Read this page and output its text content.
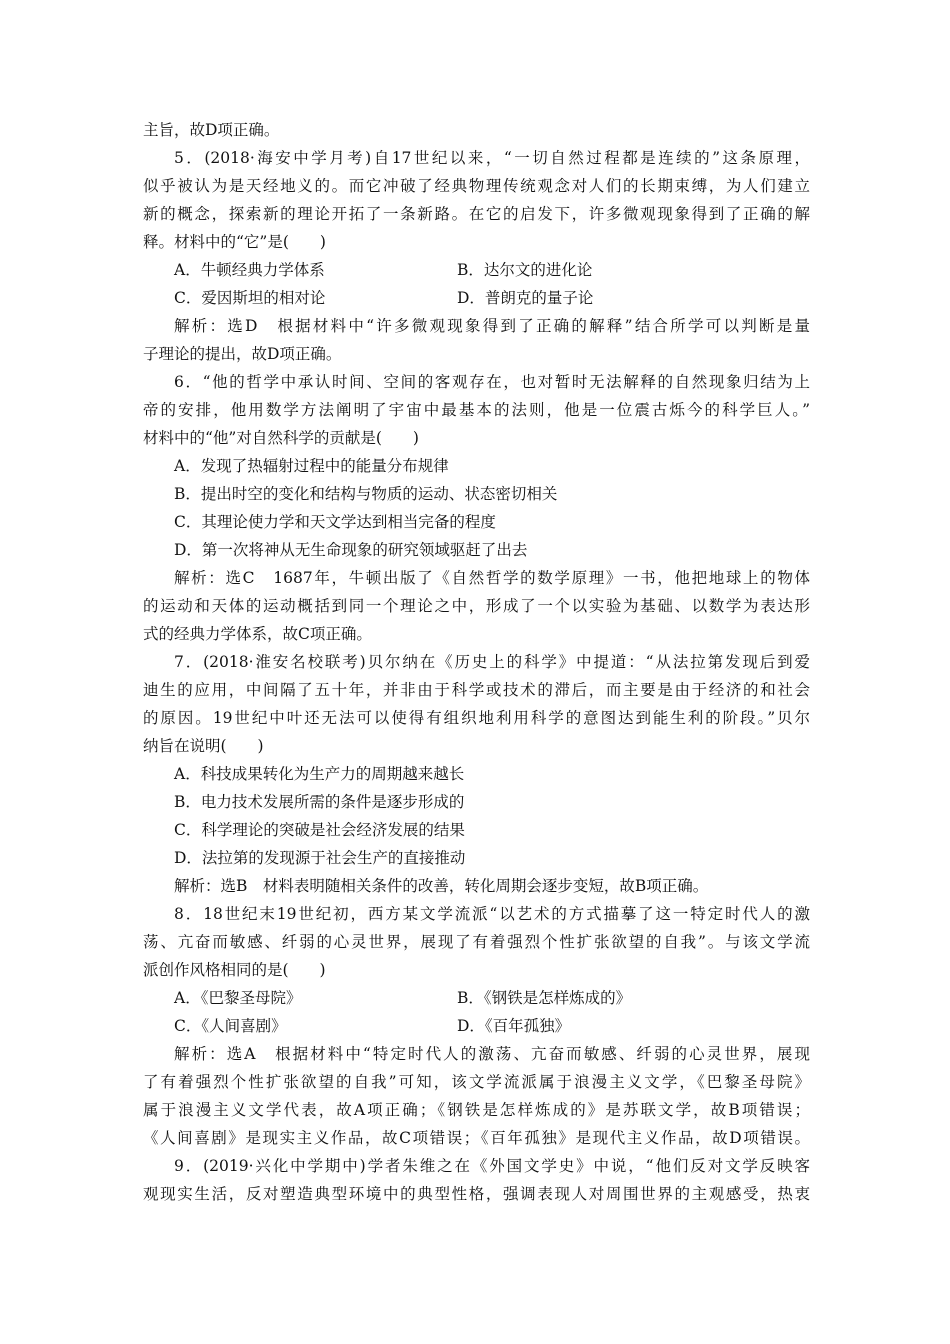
主旨，故D项正确。
5．(2018·海安中学月考)自17世纪以来，“一切自然过程都是连续的”这条原理，
似乎被认为是天经地义的。而它冲破了经典物理传统观念对人们的长期束缚，为人们建立
新的概念，探索新的理论开拓了一条新路。在它的启发下，许多微观现象得到了正确的解
释。材料中的“它”是(　　)
A．牛顿经典力学体系	B．达尔文的进化论
C．爱因斯坦的相对论	D．普朗克的量子论
解析：选D　根据材料中“许多微观现象得到了正确的解释”结合所学可以判断是量
子理论的提出，故D项正确。
6．“他的哲学中承认时间、空间的客观存在，也对暂时无法解释的自然现象归结为上
帝的安排，他用数学方法阐明了宇宙中最基本的法则，他是一位震古烁今的科学巨人。”
材料中的“他”对自然科学的贡献是(　　)
A．发现了热辐射过程中的能量分布规律
B．提出时空的变化和结构与物质的运动、状态密切相关
C．其理论使力学和天文学达到相当完备的程度
D．第一次将神从无生命现象的研究领域驱赶了出去
解析：选C　1687年，牛顿出版了《自然哲学的数学原理》一书，他把地球上的物体
的运动和天体的运动概括到同一个理论之中，形成了一个以实验为基础、以数学为表达形
式的经典力学体系，故C项正确。
7．(2018·淮安名校联考)贝尔纳在《历史上的科学》中提道：“从法拉第发现后到爱
迪生的应用，中间隔了五十年，并非由于科学或技术的滞后，而主要是由于经济的和社会
的原因。19世纪中叶还无法可以使得有组织地利用科学的意图达到能生利的阶段。”贝尔
纳旨在说明(　　)
A．科技成果转化为生产力的周期越来越长
B．电力技术发展所需的条件是逐步形成的
C．科学理论的突破是社会经济发展的结果
D．法拉第的发现源于社会生产的直接推动
解析：选B　材料表明随相关条件的改善，转化周期会逐步变短，故B项正确。
8．18世纪末19世纪初，西方某文学流派“以艺术的方式描摹了这一特定时代人的激
荡、亢奋而敏感、纤弱的心灵世界，展现了有着强烈个性扩张欲望的自我”。与该文学流
派创作风格相同的是(　　)
A．《巴黎圣母院》	B．《钢铁是怎样炼成的》
C．《人间喜剧》	D．《百年孤独》
解析：选A　根据材料中“特定时代人的激荡、亢奋而敏感、纤弱的心灵世界，展现
了有着强烈个性扩张欲望的自我”可知，该文学流派属于浪漫主义文学，《巴黎圣母院》
属于浪漫主义文学代表，故A项正确；《钢铁是怎样炼成的》是苏联文学，故B项错误；
《人间喜剧》是现实主义作品，故C项错误；《百年孤独》是现代主义作品，故D项错误。
9．(2019·兴化中学期中)学者朱维之在《外国文学史》中说，“他们反对文学反映客
观现实生活，反对塑造典型环境中的典型性格，强调表现人对周围世界的主观感受，热衷
